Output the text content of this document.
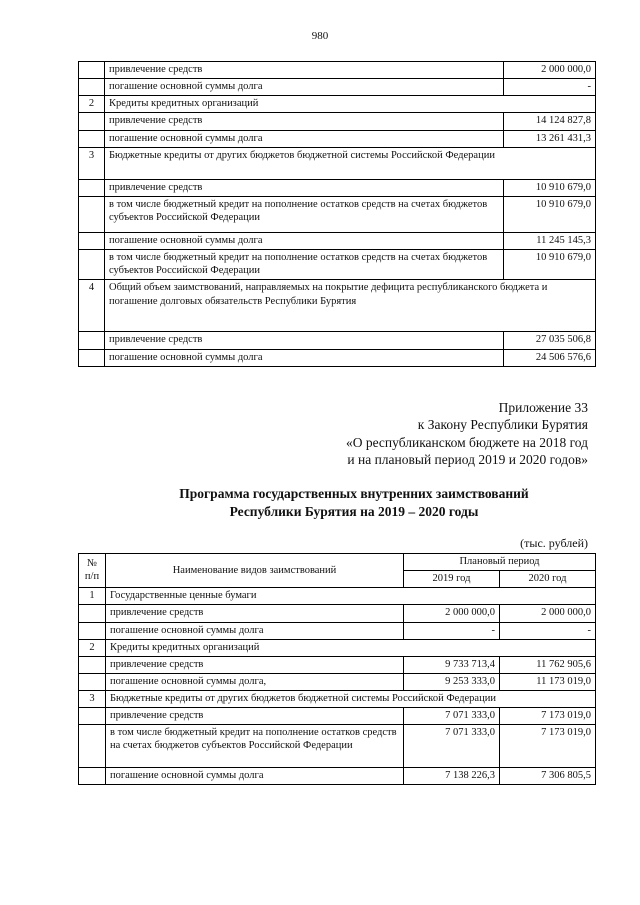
980
	привлечение средств	2 000 000,0
	погашение основной суммы долга	-
2	Кредиты кредитных организаций	
	привлечение средств	14 124 827,8
	погашение основной суммы долга	13 261 431,3
3	Бюджетные кредиты от других бюджетов бюджетной системы Российской Федерации	
	привлечение средств	10 910 679,0
	в том числе бюджетный кредит на пополнение остатков средств на счетах бюджетов субъектов Российской Федерации	10 910 679,0
	погашение основной суммы долга	11 245 145,3
	в том числе бюджетный кредит на пополнение остатков средств на счетах бюджетов субъектов Российской Федерации	10 910 679,0
4	Общий объем заимствований, направляемых на покрытие дефицита республиканского бюджета и погашение долговых обязательств Республики Бурятия	
	привлечение средств	27 035 506,8
	погашение основной суммы долга	24 506 576,6
Приложение 33
к Закону Республики Бурятия
«О республиканском бюджете на 2018 год
и на плановый период 2019 и 2020 годов»
Программа государственных внутренних заимствований
Республики Бурятия на 2019 – 2020 годы
(тыс. рублей)
№ п/п	Наименование видов заимствований	Плановый период	
		2019 год	2020 год
1	Государственные ценные бумаги		
	привлечение средств	2 000 000,0	2 000 000,0
	погашение основной суммы долга	-	-
2	Кредиты кредитных организаций		
	привлечение средств	9 733 713,4	11 762 905,6
	погашение основной суммы долга,	9 253 333,0	11 173 019,0
3	Бюджетные кредиты от других бюджетов бюджетной системы Российской Федерации		
	привлечение средств	7 071 333,0	7 173 019,0
	в том числе бюджетный кредит на пополнение остатков средств на счетах бюджетов субъектов Российской Федерации	7 071 333,0	7 173 019,0
	погашение основной суммы долга	7 138 226,3	7 306 805,5
